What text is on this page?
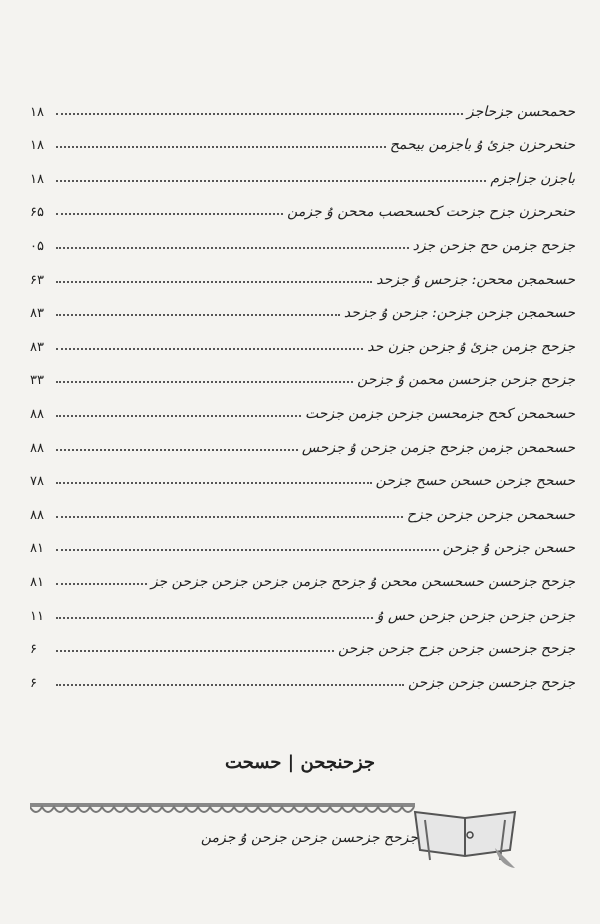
ححمحسن جزحاجز
۱۸
حنحرحزن جزئ ۇ باجزمن بيحمح
۱۸
باجزن جزاجزم
۱۸
حنحرحزن جزح جزحت كحسحصب مححن ۇ جزمن
۶۵
جزحح جزمن حح جزحن جزد
۰۵
حسحمجن مححن: جزحس ۇ جزحد
۶۳
حسحمجن جزحن جزحن: جزحن ۇ جزحد
۸۳
جزحح جزمن جزئ ۇ جزحن جزن حد
۸۳
جزحح جزحن جزحسن محمن ۇ جزحن
۳۳
حسحمحن كحح جزمحسن جزحن جزمن جزحت
۸۸
حسحمحن جزمن جزحح جزمن جزحن ۇ جزحس
۸۸
حسحح جزحن حسحن حسح جزحن
۷۸
حسحمحن جزحن جزحن جزح
۸۸
حسحن جزحن ۇ جزحن
۸۱
جزحح جزحسن حسحسحن مححن ۇ جزحح جزمن جزحن جزحن جزحن جز
۸۱
جزحن جزحن جزحن جزحن حس ۇ
۱۱
جزحح جزحسن جزحن جزح جزحن جزحن
۶
جزحح جزحسن جزحن جزحن
۶
جزحنجحن | حسحت
جزحح جزحسن جزحن جزحن ۇ جزمن
